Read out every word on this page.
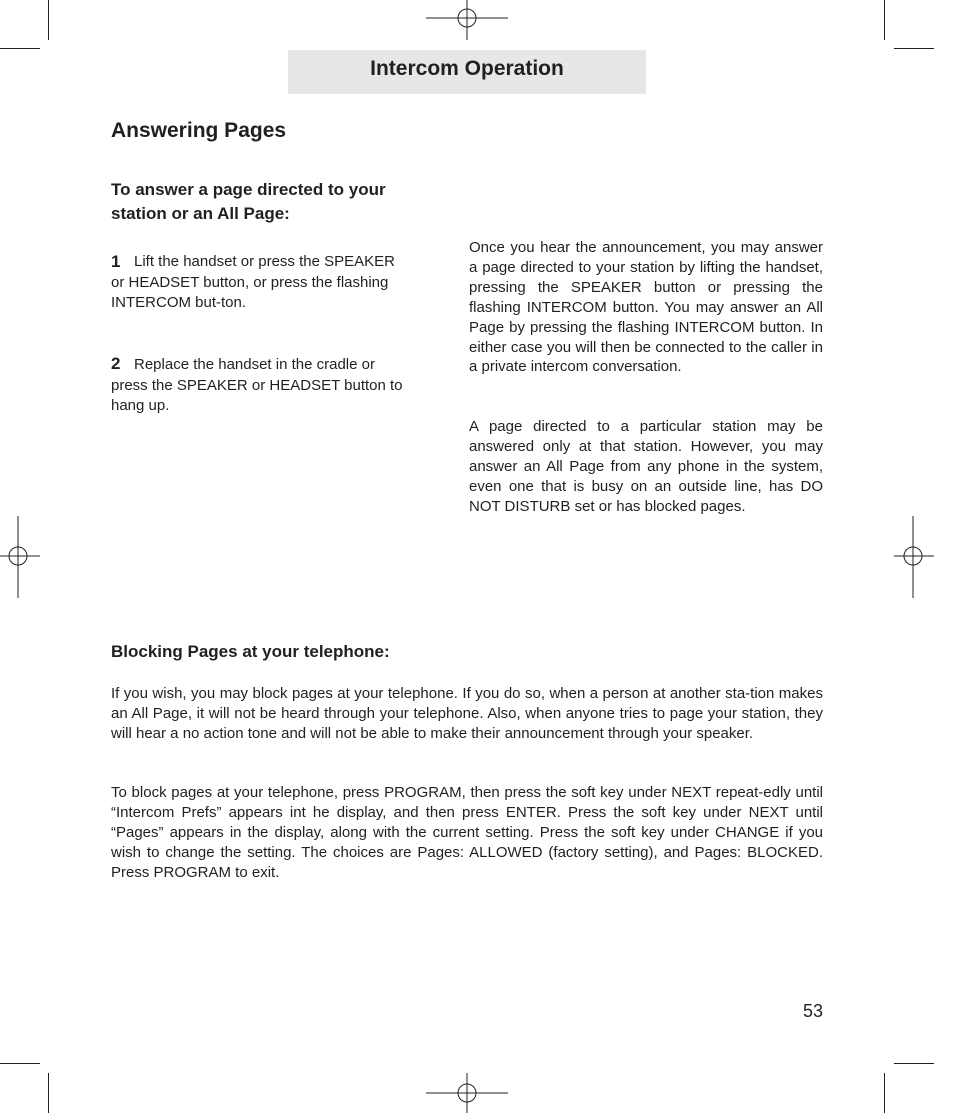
Intercom Operation
Answering Pages
To answer a page directed to your station or an All Page:
1 Lift the handset or press the SPEAKER or HEADSET button, or press the flashing INTERCOM but-ton.
2 Replace the handset in the cradle or press the SPEAKER or HEADSET button to hang up.
Once you hear the announcement, you may answer a page directed to your station by lifting the handset, pressing the SPEAKER button or pressing the flashing INTERCOM button. You may answer an All Page by pressing the flashing INTERCOM button. In either case you will then be connected to the caller in a private intercom conversation.
A page directed to a particular station may be answered only at that station. However, you may answer an All Page from any phone in the system, even one that is busy on an outside line, has DO NOT DISTURB set or has blocked pages.
Blocking Pages at your telephone:
If you wish, you may block pages at your telephone. If you do so, when a person at another sta-tion makes an All Page, it will not be heard through your telephone. Also, when anyone tries to page your station, they will hear a no action tone and will not be able to make their announcement through your speaker.
To block pages at your telephone, press PROGRAM, then press the soft key under NEXT repeat-edly until “Intercom Prefs” appears int he display, and then press ENTER. Press the soft key under NEXT until “Pages” appears in the display, along with the current setting. Press the soft key under CHANGE if you wish to change the setting. The choices are Pages: ALLOWED (factory setting), and Pages: BLOCKED. Press PROGRAM to exit.
53
